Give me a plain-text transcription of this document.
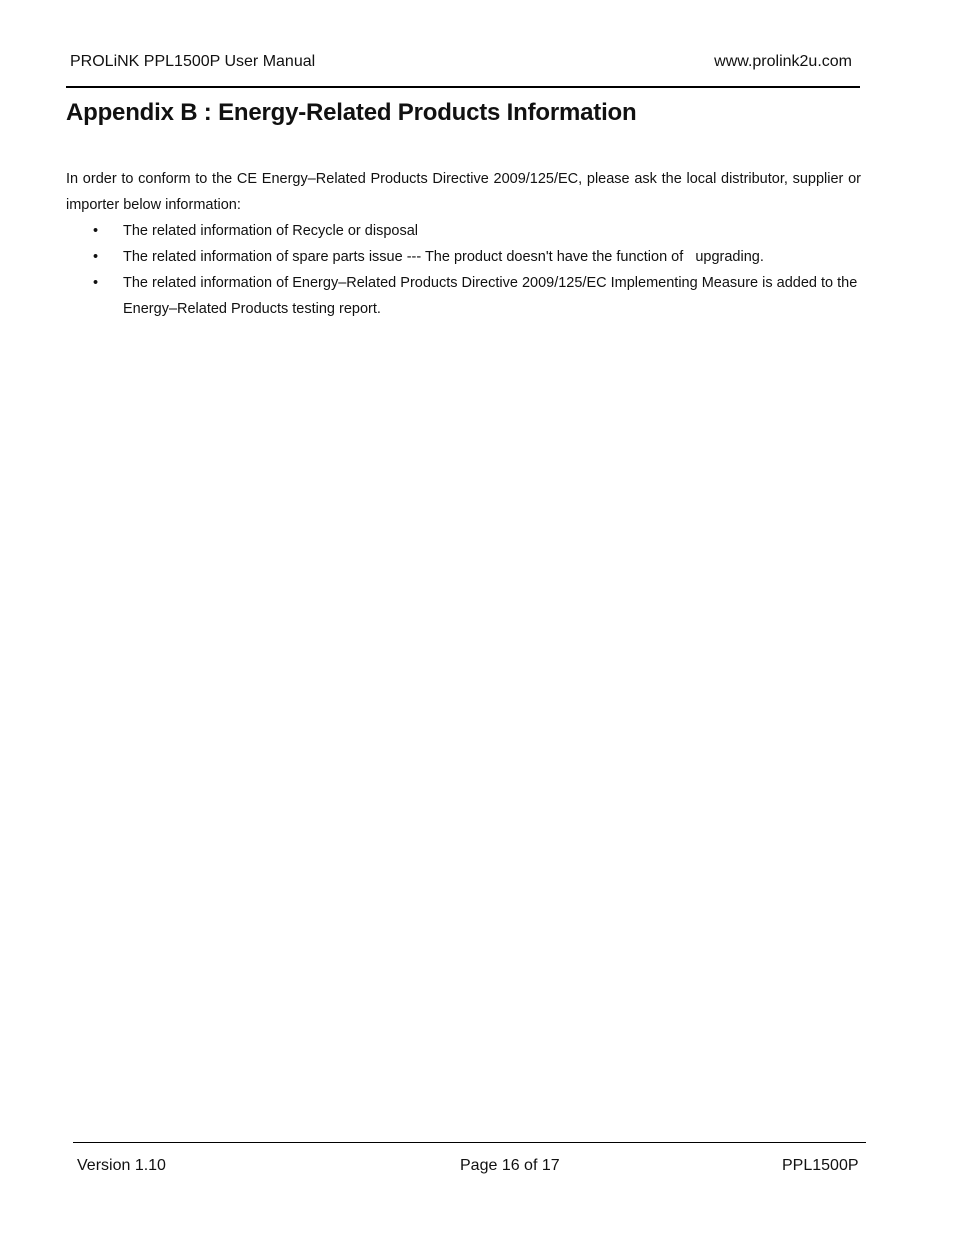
PROLiNK PPL1500P User Manual	www.prolink2u.com
Appendix B : Energy-Related Products Information

In order to conform to the CE Energy–Related Products Directive 2009/125/EC, please ask the local distributor, supplier or importer below information:

• The related information of Recycle or disposal
• The related information of spare parts issue --- The product doesn't have the function of   upgrading.
• The related information of Energy–Related Products Directive 2009/125/EC Implementing Measure is added to the Energy–Related Products testing report.
Version 1.10	Page 16 of 17	PPL1500P
